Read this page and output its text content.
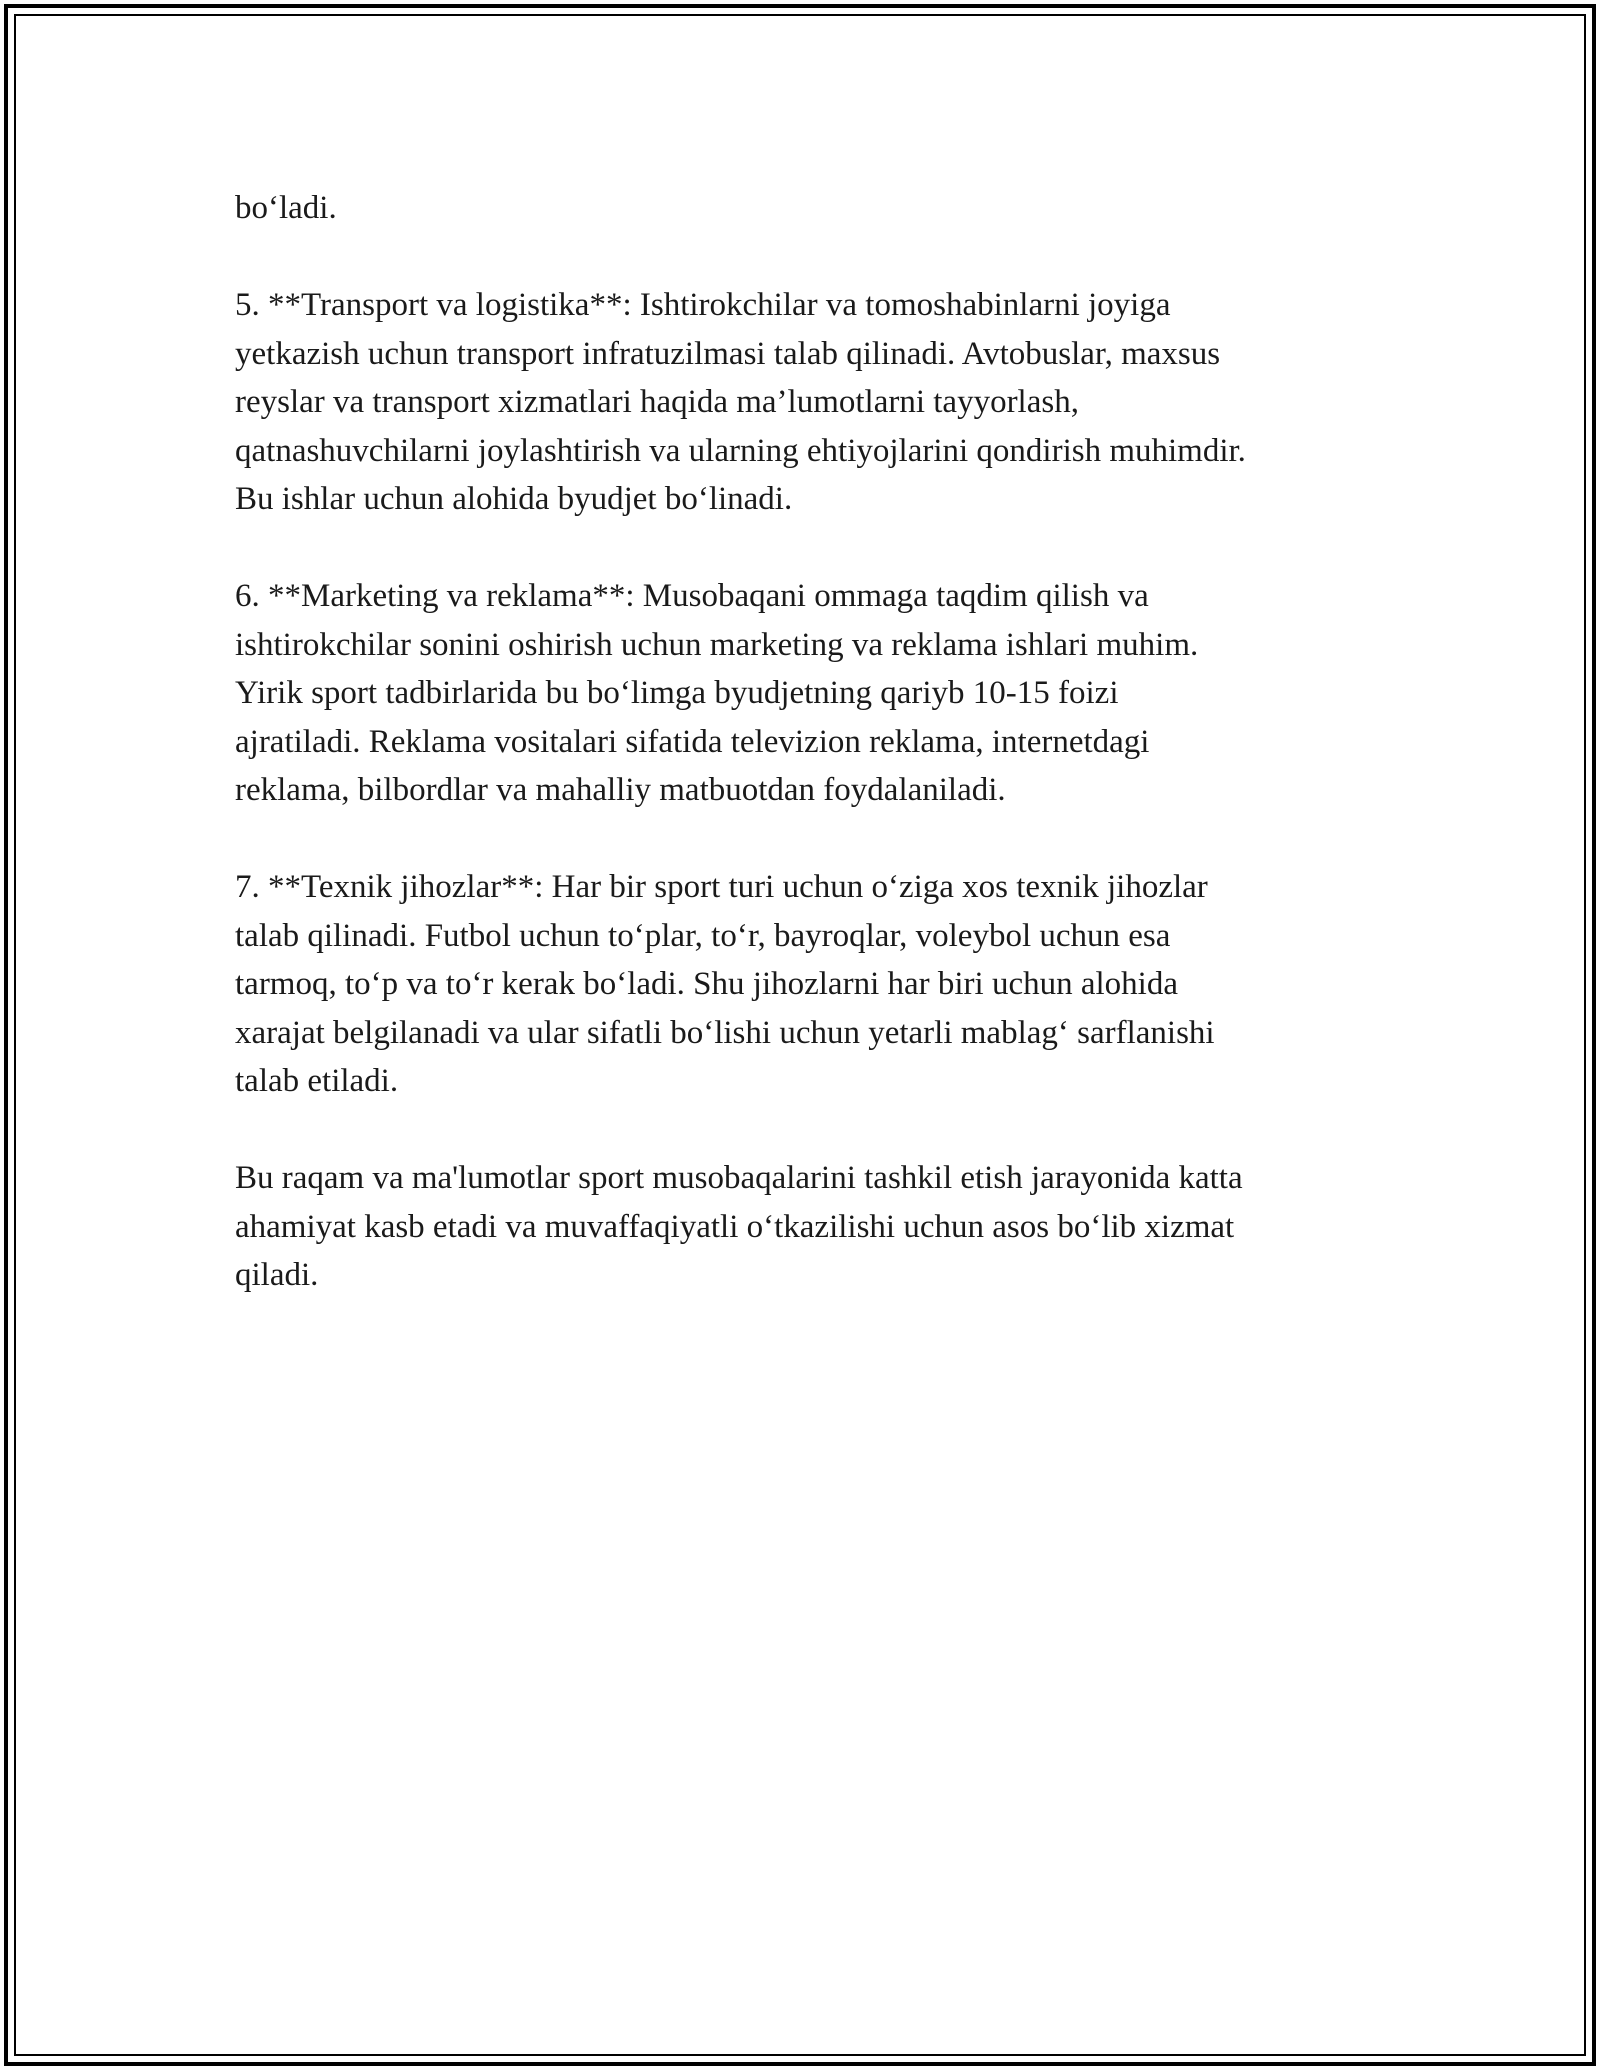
bo‘ladi.

5. **Transport va logistika**: Ishtirokchilar va tomoshabinlarni joyiga
yetkazish uchun transport infratuzilmasi talab qilinadi. Avtobuslar, maxsus
reyslar va transport xizmatlari haqida ma’lumotlarni tayyorlash,
qatnashuvchilarni joylashtirish va ularning ehtiyojlarini qondirish muhimdir.
Bu ishlar uchun alohida byudjet bo‘linadi.

6. **Marketing va reklama**: Musobaqani ommaga taqdim qilish va
ishtirokchilar sonini oshirish uchun marketing va reklama ishlari muhim.
Yirik sport tadbirlarida bu bo‘limga byudjetning qariyb 10-15 foizi
ajratiladi. Reklama vositalari sifatida televizion reklama, internetdagi
reklama, bilbordlar va mahalliy matbuotdan foydalaniladi.

7. **Texnik jihozlar**: Har bir sport turi uchun o‘ziga xos texnik jihozlar
talab qilinadi. Futbol uchun to‘plar, to‘r, bayroqlar, voleybol uchun esa
tarmoq, to‘p va to‘r kerak bo‘ladi. Shu jihozlarni har biri uchun alohida
xarajat belgilanadi va ular sifatli bo‘lishi uchun yetarli mablag‘ sarflanishi
talab etiladi.

Bu raqam va ma'lumotlar sport musobaqalarini tashkil etish jarayonida katta
ahamiyat kasb etadi va muvaffaqiyatli o‘tkazilishi uchun asos bo‘lib xizmat
qiladi.
